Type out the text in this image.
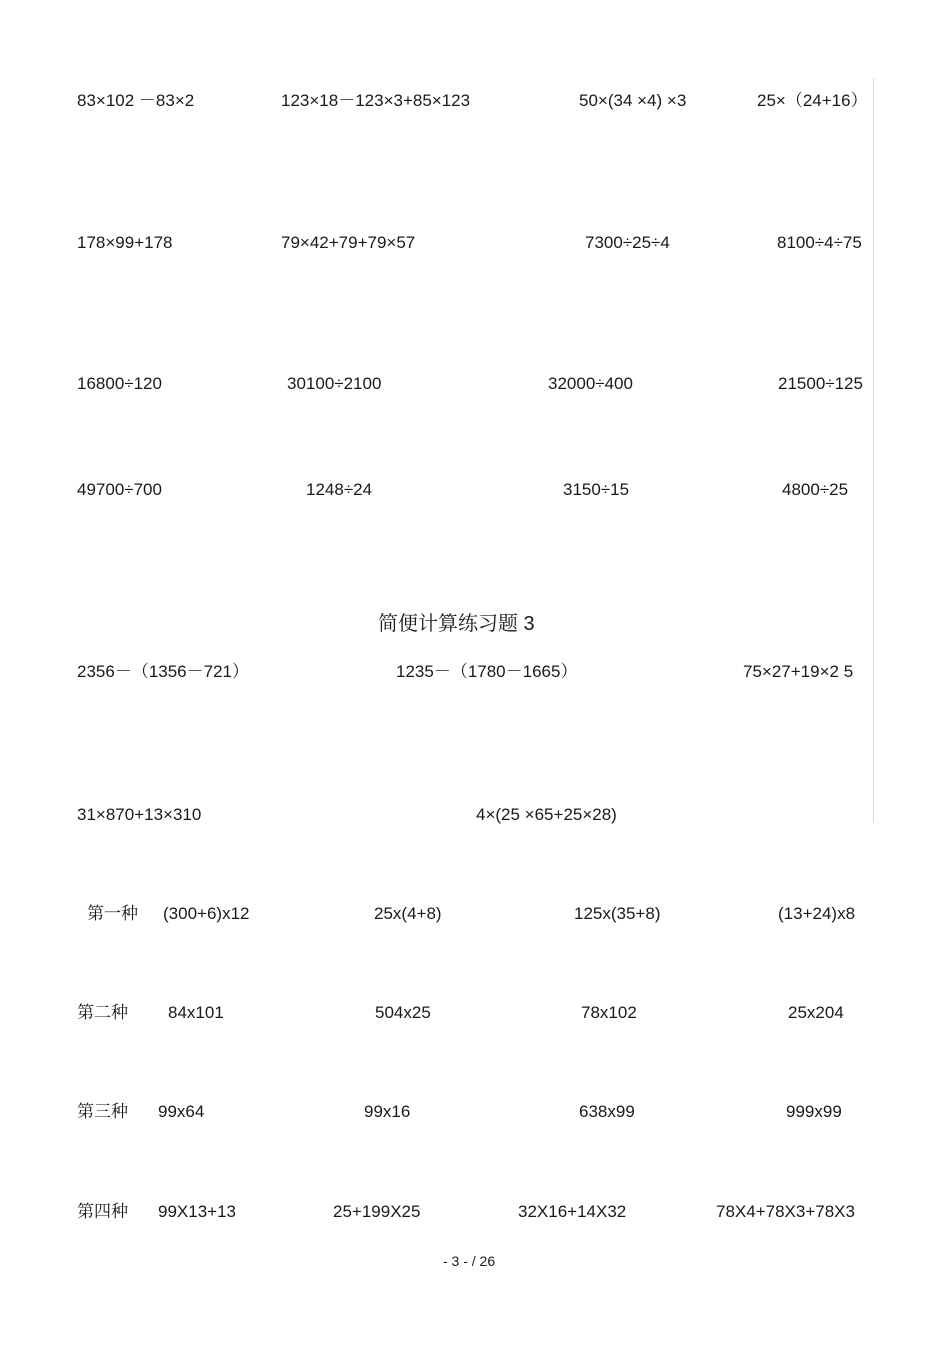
83×102 －83×2	123×18－123×3+85×123	50×(34 ×4) ×3	25×（24+16）
178×99+178	79×42+79+79×57	7300÷25÷4	8100÷4÷75
16800÷120	30100÷2100	32000÷400	21500÷125
49700÷700	1248÷24	3150÷15	4800÷25
简便计算练习题 3
2356－（1356－721）	1235－（1780－1665）	75×27+19×2 5
31×870+13×310	4×(25 ×65+25×28)
第一种 (300+6)x12	25x(4+8)	125x(35+8)	(13+24)x8
第二种 84x101	504x25	78x102	25x204
第三种 99x64	99x16	638x99	999x99
第四种 99X13+13	25+199X25	32X16+14X32	78X4+78X3+78X3
- 3 - / 26
